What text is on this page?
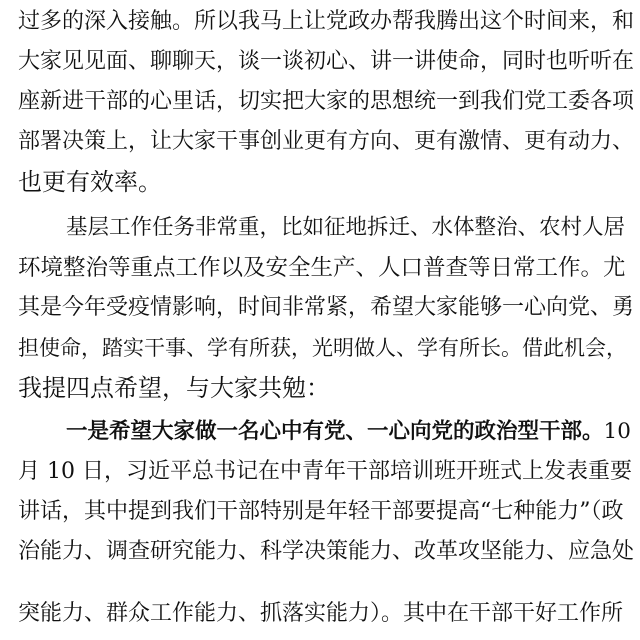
过多的深入接触。所以我马上让党政办帮我腾出这个时间来，和
大家见见面、聊聊天，谈一谈初心、讲一讲使命，同时也听听在
座新进干部的心里话，切实把大家的思想统一到我们党工委各项
部署决策上，让大家干事创业更有方向、更有激情、更有动力、
也更有效率。
基层工作任务非常重，比如征地拆迁、水体整治、农村人居
环境整治等重点工作以及安全生产、人口普查等日常工作。尤
其是今年受疫情影响，时间非常紧，希望大家能够一心向党、勇
担使命，踏实干事、学有所获，光明做人、学有所长。借此机会，
我提四点希望，与大家共勉：
一是希望大家做一名心中有党、一心向党的政治型干部。10
月 10 日，习近平总书记在中青年干部培训班开班式上发表重要
讲话，其中提到我们干部特别是年轻干部要提高“七种能力”（政
治能力、调查研究能力、科学决策能力、改革攻坚能力、应急处
突能力、群众工作能力、抓落实能力）。其中在干部干好工作所
